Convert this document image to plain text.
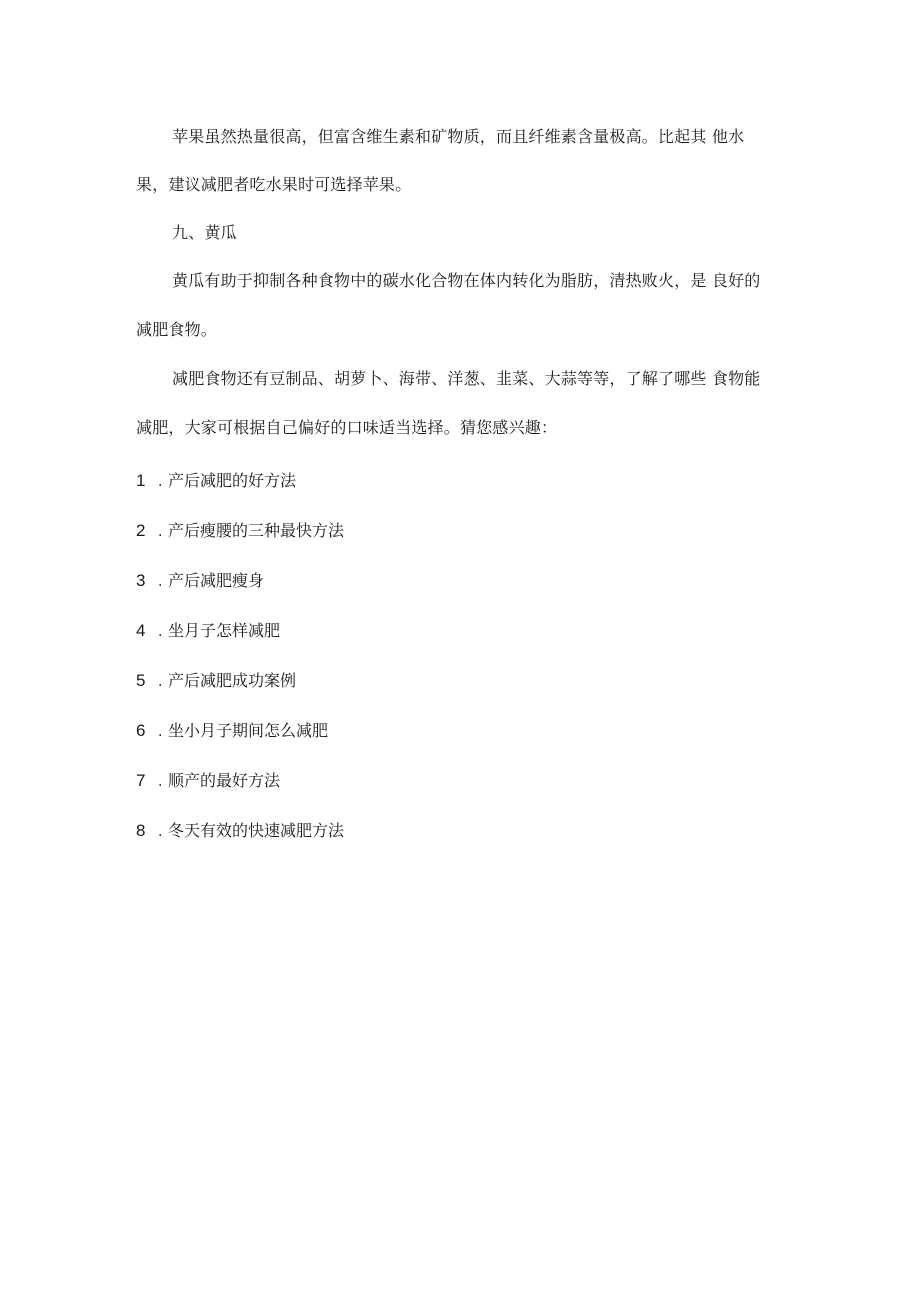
苹果虽然热量很高，但富含维生素和矿物质，而且纤维素含量极高。比起其 他水
果，建议减肥者吃水果时可选择苹果。
九、黄瓜
黄瓜有助于抑制各种食物中的碳水化合物在体内转化为脂肪，清热败火，是 良好的
减肥食物。
减肥食物还有豆制品、胡萝卜、海带、洋葱、韭菜、大蒜等等，了解了哪些 食物能
减肥，大家可根据自己偏好的口味适当选择。猜您感兴趣：
1 . 产后减肥的好方法
2 . 产后瘦腰的三种最快方法
3 . 产后减肥瘦身
4 . 坐月子怎样减肥
5 . 产后减肥成功案例
6 . 坐小月子期间怎么减肥
7 . 顺产的最好方法
8 . 冬天有效的快速减肥方法
